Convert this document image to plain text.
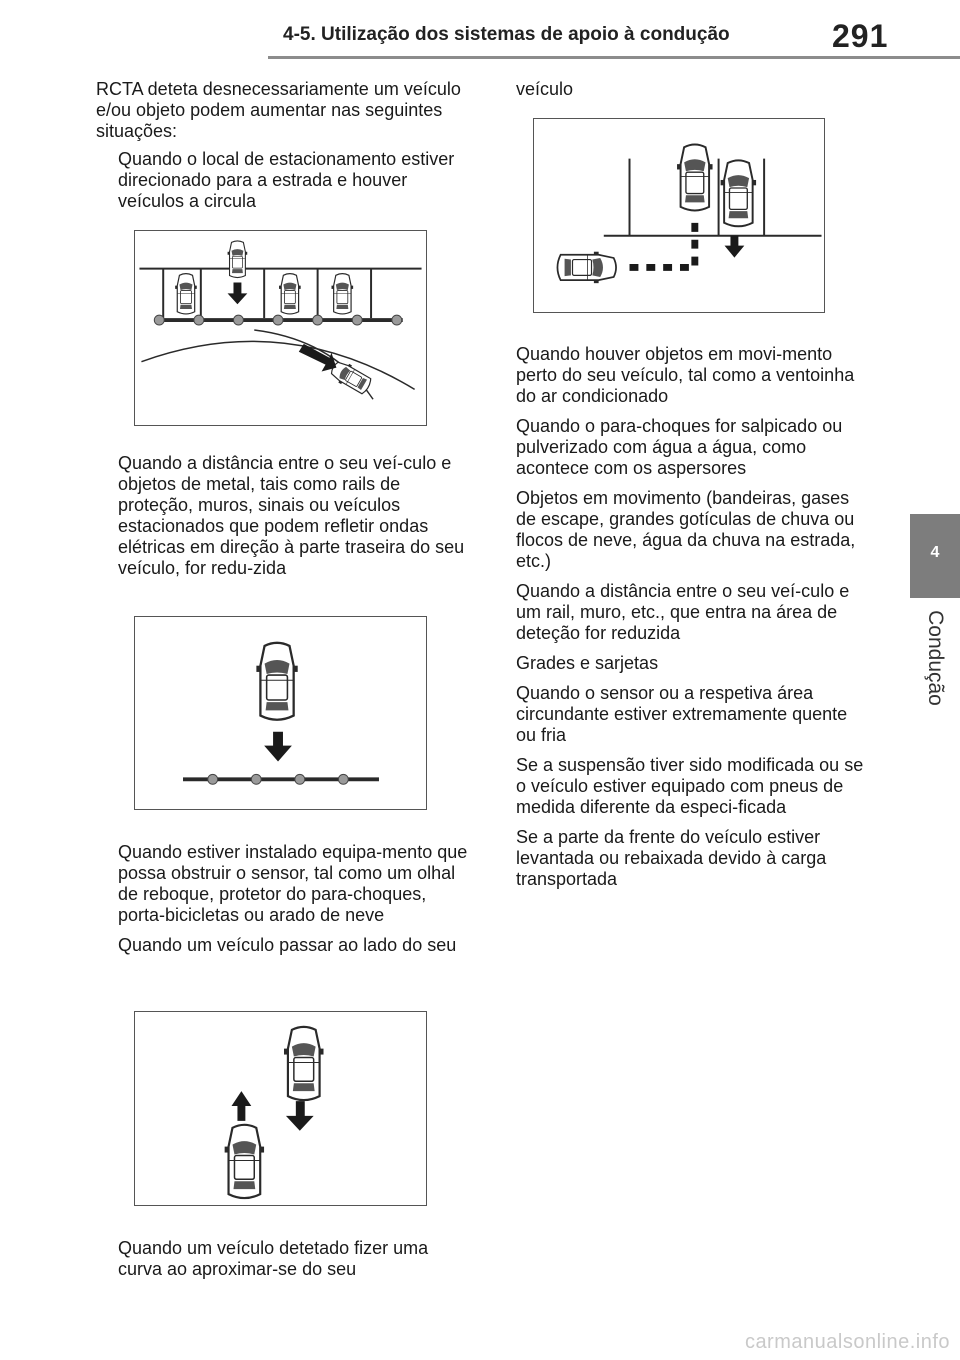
4-5. Utilização dos sistemas de apoio à condução	291
4
Condução

RCTA deteta desnecessariamente um veículo e/ou objeto podem aumentar nas seguintes situações:

Quando o local de estacionamento estiver direcionado para a estrada e houver veículos a circula

Quando a distância entre o seu veí-culo e objetos de metal, tais como rails de proteção, muros, sinais ou veículos estacionados que podem refletir ondas elétricas em direção à parte traseira do seu veículo, for redu-zida

Quando estiver instalado equipa-mento que possa obstruir o sensor, tal como um olhal de reboque, protetor do para-choques, porta-bicicletas ou arado de neve

Quando um veículo passar ao lado do seu

Quando um veículo detetado fizer uma curva ao aproximar-se do seu

veículo

Quando houver objetos em movi-mento perto do seu veículo, tal como a ventoinha do ar condicionado

Quando o para-choques for salpicado ou pulverizado com água a água, como acontece com os aspersores

Objetos em movimento (bandeiras, gases de escape, grandes gotículas de chuva ou flocos de neve, água da chuva na estrada, etc.)

Quando a distância entre o seu veí-culo e um rail, muro, etc., que entra na área de deteção for reduzida

Grades e sarjetas

Quando o sensor ou a respetiva área circundante estiver extremamente quente ou fria

Se a suspensão tiver sido modificada ou se o veículo estiver equipado com pneus de medida diferente da especi-ficada

Se a parte da frente do veículo estiver levantada ou rebaixada devido à carga transportada

carmanualsonline.info
